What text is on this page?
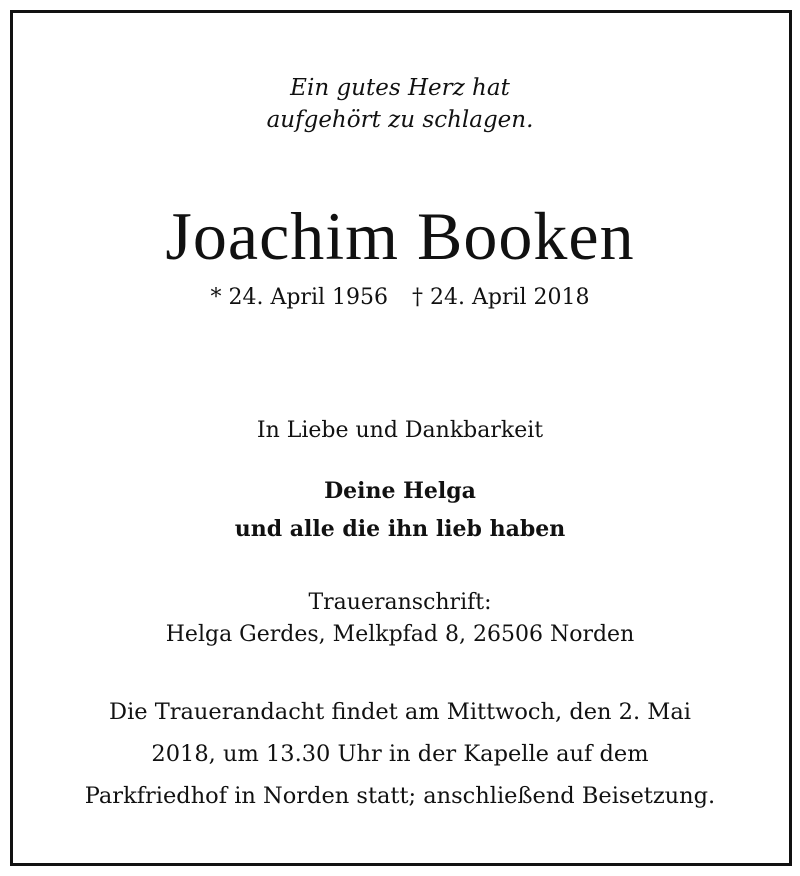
Ein gutes Herz hat

aufgehört zu schlagen.

Joachim Booken
* 24. April 1956 † 24. April 2018

In Liebe und Dankbarkeit

Deine Helga

und alle die ihn lieb haben

Traueranschrift:

Helga Gerdes, Melkpfad 8, 26506 Norden

Die Trauerandacht findet am Mittwoch, den 2. Mai

2018, um 13.30 Uhr in der Kapelle auf dem

Parkfriedhof in Norden statt; anschließend Beisetzung.
